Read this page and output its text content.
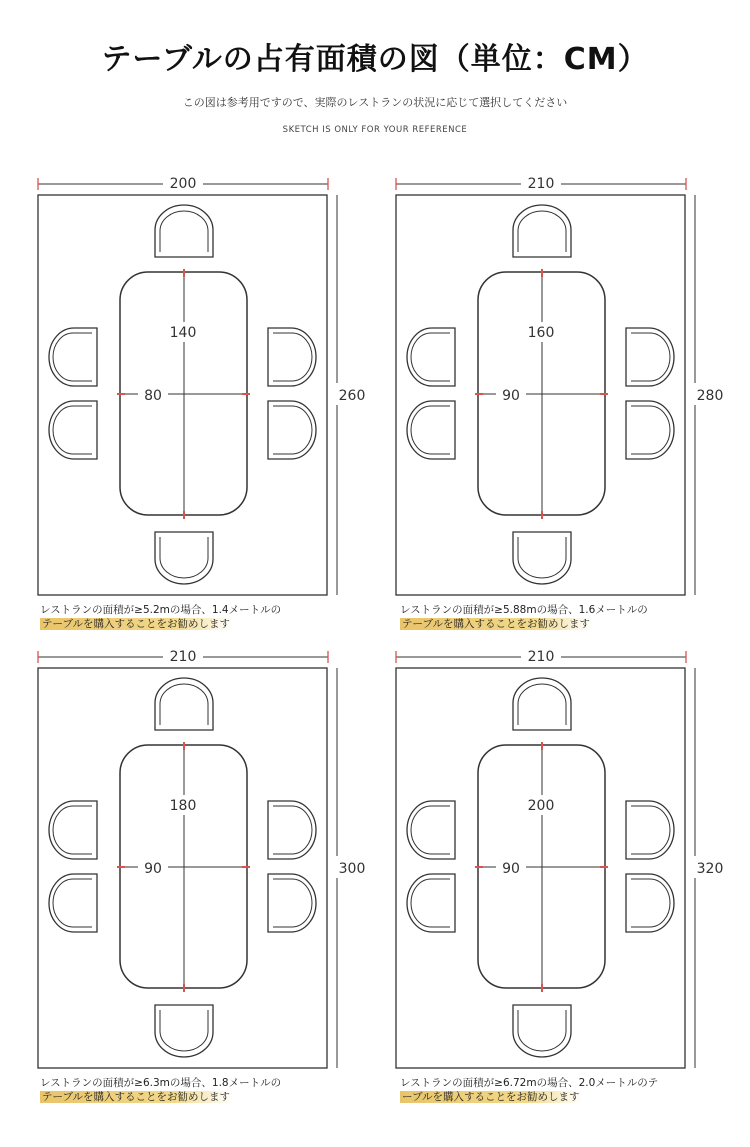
テーブルの占有面積の図（単位：CM）
この図は参考用ですので、実際のレストランの状況に応じて選択してください
SKETCH IS ONLY FOR YOUR REFERENCE
200
260
140
80
210
280
160
90
210
300
180
90
210
320
200
90
レストランの面積が≥5.2mの場合、1.4メートルの
テーブルを購入することをお勧めします
レストランの面積が≥5.88mの場合、1.6メートルの
テーブルを購入することをお勧めします
レストランの面積が≥6.3mの場合、1.8メートルの
テーブルを購入することをお勧めします
レストランの面積が≥6.72mの場合、2.0メートルのテ
ーブルを購入することをお勧めします
